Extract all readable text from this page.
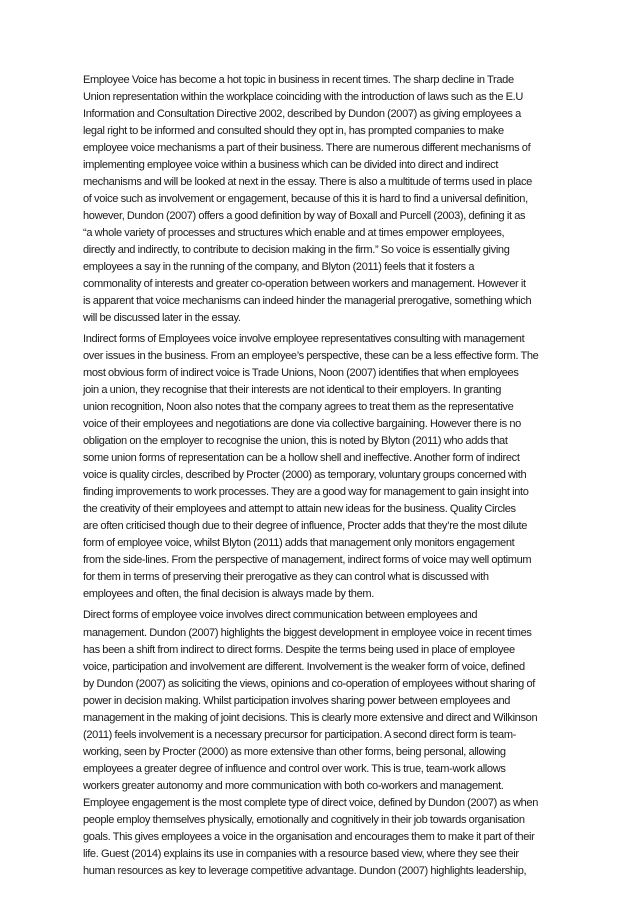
Employee Voice has become a hot topic in business in recent times. The sharp decline in Trade
Union representation within the workplace coinciding with the introduction of laws such as the E.U
Information and Consultation Directive 2002, described by Dundon (2007) as giving employees a
legal right to be informed and consulted should they opt in, has prompted companies to make
employee voice mechanisms a part of their business. There are numerous different mechanisms of
implementing employee voice within a business which can be divided into direct and indirect
mechanisms and will be looked at next in the essay. There is also a multitude of terms used in place
of voice such as involvement or engagement, because of this it is hard to find a universal definition,
however, Dundon (2007) offers a good definition by way of Boxall and Purcell (2003), defining it as
“a whole variety of processes and structures which enable and at times empower employees,
directly and indirectly, to contribute to decision making in the firm.” So voice is essentially giving
employees a say in the running of the company, and Blyton (2011) feels that it fosters a
commonality of interests and greater co-operation between workers and management. However it
is apparent that voice mechanisms can indeed hinder the managerial prerogative, something which
will be discussed later in the essay.

Indirect forms of Employees voice involve employee representatives consulting with management
over issues in the business. From an employee’s perspective, these can be a less effective form. The
most obvious form of indirect voice is Trade Unions, Noon (2007) identifies that when employees
join a union, they recognise that their interests are not identical to their employers. In granting
union recognition, Noon also notes that the company agrees to treat them as the representative
voice of their employees and negotiations are done via collective bargaining. However there is no
obligation on the employer to recognise the union, this is noted by Blyton (2011) who adds that
some union forms of representation can be a hollow shell and ineffective. Another form of indirect
voice is quality circles, described by Procter (2000) as temporary, voluntary groups concerned with
finding improvements to work processes. They are a good way for management to gain insight into
the creativity of their employees and attempt to attain new ideas for the business. Quality Circles
are often criticised though due to their degree of influence, Procter adds that they’re the most dilute
form of employee voice, whilst Blyton (2011) adds that management only monitors engagement
from the side-lines. From the perspective of management, indirect forms of voice may well optimum
for them in terms of preserving their prerogative as they can control what is discussed with
employees and often, the final decision is always made by them.

Direct forms of employee voice involves direct communication between employees and
management. Dundon (2007) highlights the biggest development in employee voice in recent times
has been a shift from indirect to direct forms. Despite the terms being used in place of employee
voice, participation and involvement are different. Involvement is the weaker form of voice, defined
by Dundon (2007) as soliciting the views, opinions and co-operation of employees without sharing of
power in decision making. Whilst participation involves sharing power between employees and
management in the making of joint decisions. This is clearly more extensive and direct and Wilkinson
(2011) feels involvement is a necessary precursor for participation. A second direct form is team-
working, seen by Procter (2000) as more extensive than other forms, being personal, allowing
employees a greater degree of influence and control over work. This is true, team-work allows
workers greater autonomy and more communication with both co-workers and management.
Employee engagement is the most complete type of direct voice, defined by Dundon (2007) as when
people employ themselves physically, emotionally and cognitively in their job towards organisation
goals. This gives employees a voice in the organisation and encourages them to make it part of their
life. Guest (2014) explains its use in companies with a resource based view, where they see their
human resources as key to leverage competitive advantage. Dundon (2007) highlights leadership,
